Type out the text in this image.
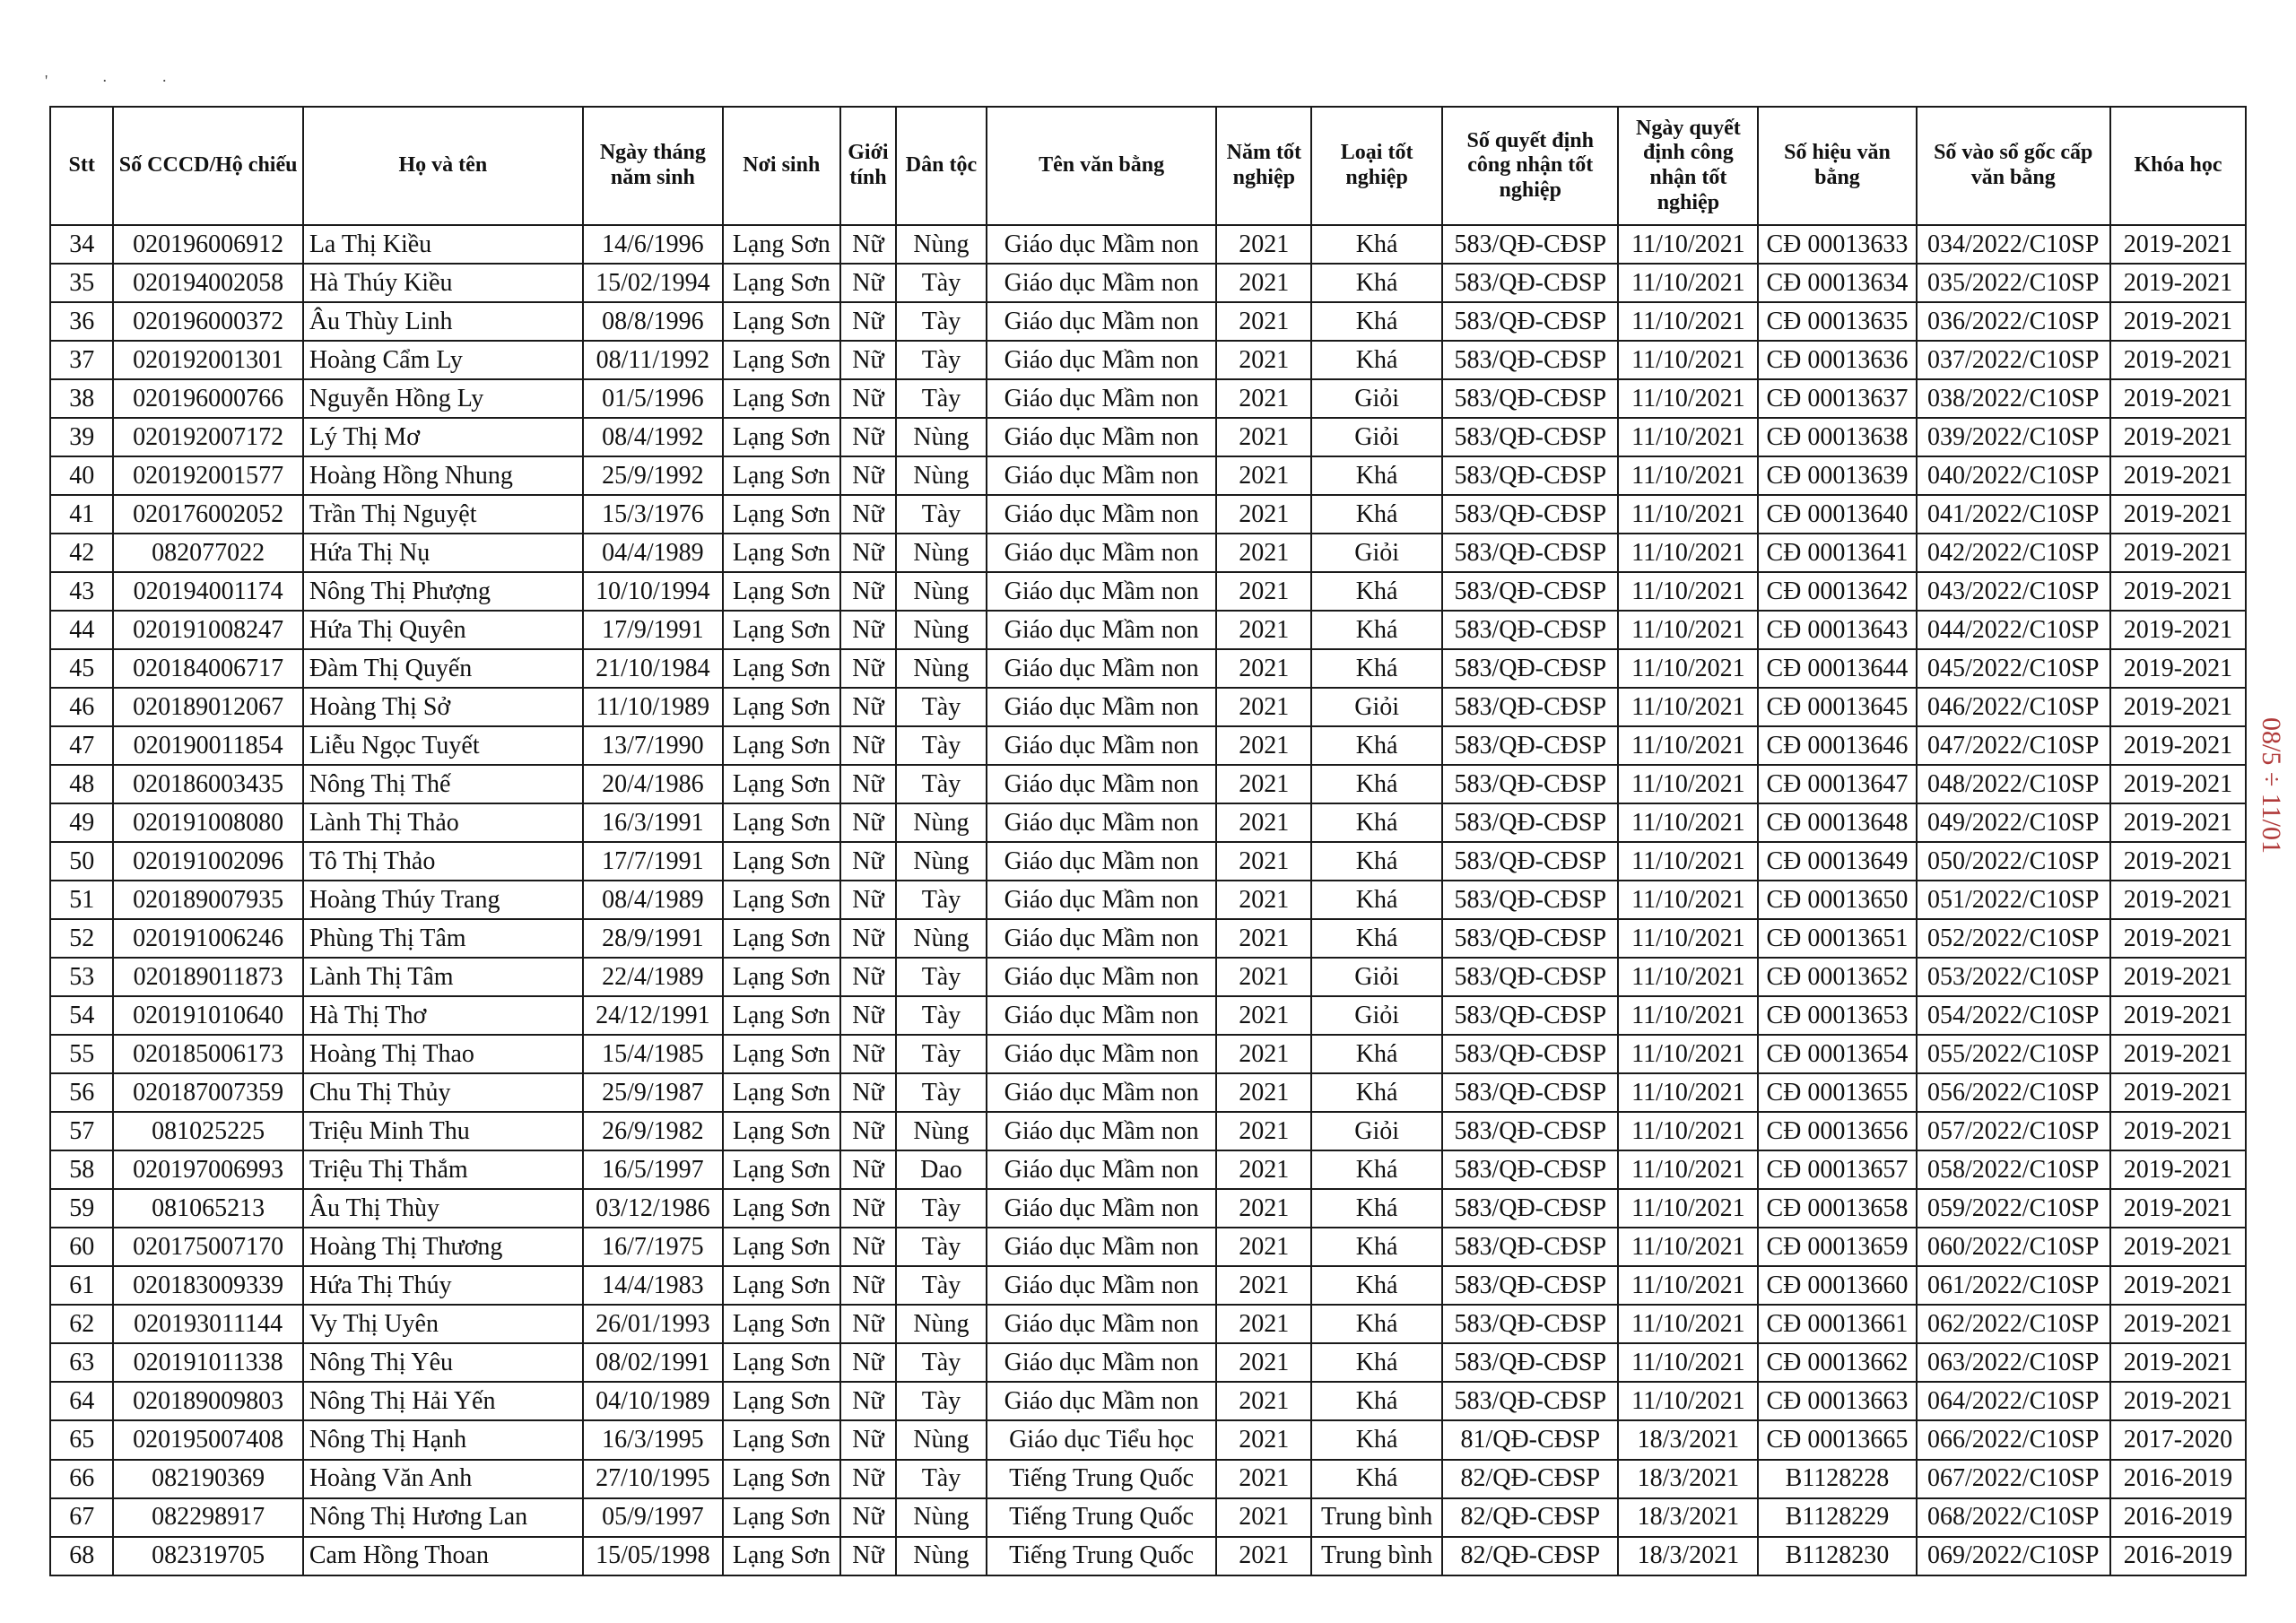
' · ·
Stt	Số CCCD/Hộ chiếu	Họ và tên	Ngày tháng năm sinh	Nơi sinh	Giới tính	Dân tộc	Tên văn bằng	Năm tốt nghiệp	Loại tốt nghiệp	Số quyết định công nhận tốt nghiệp	Ngày quyết định công nhận tốt nghiệp	Số hiệu văn bằng	Số vào sổ gốc cấp văn bằng	Khóa học
34	020196006912	La Thị Kiều	14/6/1996	Lạng Sơn	Nữ	Nùng	Giáo dục Mầm non	2021	Khá	583/QĐ-CĐSP	11/10/2021	CĐ 00013633	034/2022/C10SP	2019-2021
35	020194002058	Hà Thúy Kiều	15/02/1994	Lạng Sơn	Nữ	Tày	Giáo dục Mầm non	2021	Khá	583/QĐ-CĐSP	11/10/2021	CĐ 00013634	035/2022/C10SP	2019-2021
36	020196000372	Âu Thùy Linh	08/8/1996	Lạng Sơn	Nữ	Tày	Giáo dục Mầm non	2021	Khá	583/QĐ-CĐSP	11/10/2021	CĐ 00013635	036/2022/C10SP	2019-2021
37	020192001301	Hoàng Cẩm Ly	08/11/1992	Lạng Sơn	Nữ	Tày	Giáo dục Mầm non	2021	Khá	583/QĐ-CĐSP	11/10/2021	CĐ 00013636	037/2022/C10SP	2019-2021
38	020196000766	Nguyễn Hồng Ly	01/5/1996	Lạng Sơn	Nữ	Tày	Giáo dục Mầm non	2021	Giỏi	583/QĐ-CĐSP	11/10/2021	CĐ 00013637	038/2022/C10SP	2019-2021
39	020192007172	Lý Thị Mơ	08/4/1992	Lạng Sơn	Nữ	Nùng	Giáo dục Mầm non	2021	Giỏi	583/QĐ-CĐSP	11/10/2021	CĐ 00013638	039/2022/C10SP	2019-2021
40	020192001577	Hoàng Hồng Nhung	25/9/1992	Lạng Sơn	Nữ	Nùng	Giáo dục Mầm non	2021	Khá	583/QĐ-CĐSP	11/10/2021	CĐ 00013639	040/2022/C10SP	2019-2021
41	020176002052	Trần Thị Nguyệt	15/3/1976	Lạng Sơn	Nữ	Tày	Giáo dục Mầm non	2021	Khá	583/QĐ-CĐSP	11/10/2021	CĐ 00013640	041/2022/C10SP	2019-2021
42	082077022	Hứa Thị Nụ	04/4/1989	Lạng Sơn	Nữ	Nùng	Giáo dục Mầm non	2021	Giỏi	583/QĐ-CĐSP	11/10/2021	CĐ 00013641	042/2022/C10SP	2019-2021
43	020194001174	Nông Thị Phượng	10/10/1994	Lạng Sơn	Nữ	Nùng	Giáo dục Mầm non	2021	Khá	583/QĐ-CĐSP	11/10/2021	CĐ 00013642	043/2022/C10SP	2019-2021
44	020191008247	Hứa Thị Quyên	17/9/1991	Lạng Sơn	Nữ	Nùng	Giáo dục Mầm non	2021	Khá	583/QĐ-CĐSP	11/10/2021	CĐ 00013643	044/2022/C10SP	2019-2021
45	020184006717	Đàm Thị Quyến	21/10/1984	Lạng Sơn	Nữ	Nùng	Giáo dục Mầm non	2021	Khá	583/QĐ-CĐSP	11/10/2021	CĐ 00013644	045/2022/C10SP	2019-2021
46	020189012067	Hoàng Thị Sở	11/10/1989	Lạng Sơn	Nữ	Tày	Giáo dục Mầm non	2021	Giỏi	583/QĐ-CĐSP	11/10/2021	CĐ 00013645	046/2022/C10SP	2019-2021
47	020190011854	Liễu Ngọc Tuyết	13/7/1990	Lạng Sơn	Nữ	Tày	Giáo dục Mầm non	2021	Khá	583/QĐ-CĐSP	11/10/2021	CĐ 00013646	047/2022/C10SP	2019-2021
48	020186003435	Nông Thị Thế	20/4/1986	Lạng Sơn	Nữ	Tày	Giáo dục Mầm non	2021	Khá	583/QĐ-CĐSP	11/10/2021	CĐ 00013647	048/2022/C10SP	2019-2021
49	020191008080	Lành Thị Thảo	16/3/1991	Lạng Sơn	Nữ	Nùng	Giáo dục Mầm non	2021	Khá	583/QĐ-CĐSP	11/10/2021	CĐ 00013648	049/2022/C10SP	2019-2021
50	020191002096	Tô Thị Thảo	17/7/1991	Lạng Sơn	Nữ	Nùng	Giáo dục Mầm non	2021	Khá	583/QĐ-CĐSP	11/10/2021	CĐ 00013649	050/2022/C10SP	2019-2021
51	020189007935	Hoàng Thúy Trang	08/4/1989	Lạng Sơn	Nữ	Tày	Giáo dục Mầm non	2021	Khá	583/QĐ-CĐSP	11/10/2021	CĐ 00013650	051/2022/C10SP	2019-2021
52	020191006246	Phùng Thị Tâm	28/9/1991	Lạng Sơn	Nữ	Nùng	Giáo dục Mầm non	2021	Khá	583/QĐ-CĐSP	11/10/2021	CĐ 00013651	052/2022/C10SP	2019-2021
53	020189011873	Lành Thị Tâm	22/4/1989	Lạng Sơn	Nữ	Tày	Giáo dục Mầm non	2021	Giỏi	583/QĐ-CĐSP	11/10/2021	CĐ 00013652	053/2022/C10SP	2019-2021
54	020191010640	Hà Thị Thơ	24/12/1991	Lạng Sơn	Nữ	Tày	Giáo dục Mầm non	2021	Giỏi	583/QĐ-CĐSP	11/10/2021	CĐ 00013653	054/2022/C10SP	2019-2021
55	020185006173	Hoàng Thị Thao	15/4/1985	Lạng Sơn	Nữ	Tày	Giáo dục Mầm non	2021	Khá	583/QĐ-CĐSP	11/10/2021	CĐ 00013654	055/2022/C10SP	2019-2021
56	020187007359	Chu Thị Thủy	25/9/1987	Lạng Sơn	Nữ	Tày	Giáo dục Mầm non	2021	Khá	583/QĐ-CĐSP	11/10/2021	CĐ 00013655	056/2022/C10SP	2019-2021
57	081025225	Triệu Minh Thu	26/9/1982	Lạng Sơn	Nữ	Nùng	Giáo dục Mầm non	2021	Giỏi	583/QĐ-CĐSP	11/10/2021	CĐ 00013656	057/2022/C10SP	2019-2021
58	020197006993	Triệu Thị Thắm	16/5/1997	Lạng Sơn	Nữ	Dao	Giáo dục Mầm non	2021	Khá	583/QĐ-CĐSP	11/10/2021	CĐ 00013657	058/2022/C10SP	2019-2021
59	081065213	Âu Thị Thùy	03/12/1986	Lạng Sơn	Nữ	Tày	Giáo dục Mầm non	2021	Khá	583/QĐ-CĐSP	11/10/2021	CĐ 00013658	059/2022/C10SP	2019-2021
60	020175007170	Hoàng Thị Thương	16/7/1975	Lạng Sơn	Nữ	Tày	Giáo dục Mầm non	2021	Khá	583/QĐ-CĐSP	11/10/2021	CĐ 00013659	060/2022/C10SP	2019-2021
61	020183009339	Hứa Thị Thúy	14/4/1983	Lạng Sơn	Nữ	Tày	Giáo dục Mầm non	2021	Khá	583/QĐ-CĐSP	11/10/2021	CĐ 00013660	061/2022/C10SP	2019-2021
62	020193011144	Vy Thị Uyên	26/01/1993	Lạng Sơn	Nữ	Nùng	Giáo dục Mầm non	2021	Khá	583/QĐ-CĐSP	11/10/2021	CĐ 00013661	062/2022/C10SP	2019-2021
63	020191011338	Nông Thị Yêu	08/02/1991	Lạng Sơn	Nữ	Tày	Giáo dục Mầm non	2021	Khá	583/QĐ-CĐSP	11/10/2021	CĐ 00013662	063/2022/C10SP	2019-2021
64	020189009803	Nông Thị Hải Yến	04/10/1989	Lạng Sơn	Nữ	Tày	Giáo dục Mầm non	2021	Khá	583/QĐ-CĐSP	11/10/2021	CĐ 00013663	064/2022/C10SP	2019-2021
65	020195007408	Nông Thị Hạnh	16/3/1995	Lạng Sơn	Nữ	Nùng	Giáo dục Tiểu học	2021	Khá	81/QĐ-CĐSP	18/3/2021	CĐ 00013665	066/2022/C10SP	2017-2020
66	082190369	Hoàng Văn Anh	27/10/1995	Lạng Sơn	Nữ	Tày	Tiếng Trung Quốc	2021	Khá	82/QĐ-CĐSP	18/3/2021	B1128228	067/2022/C10SP	2016-2019
67	082298917	Nông Thị Hương Lan	05/9/1997	Lạng Sơn	Nữ	Nùng	Tiếng Trung Quốc	2021	Trung bình	82/QĐ-CĐSP	18/3/2021	B1128229	068/2022/C10SP	2016-2019
68	082319705	Cam Hồng Thoan	15/05/1998	Lạng Sơn	Nữ	Nùng	Tiếng Trung Quốc	2021	Trung bình	82/QĐ-CĐSP	18/3/2021	B1128230	069/2022/C10SP	2016-2019
08/5 ÷ 11/01
